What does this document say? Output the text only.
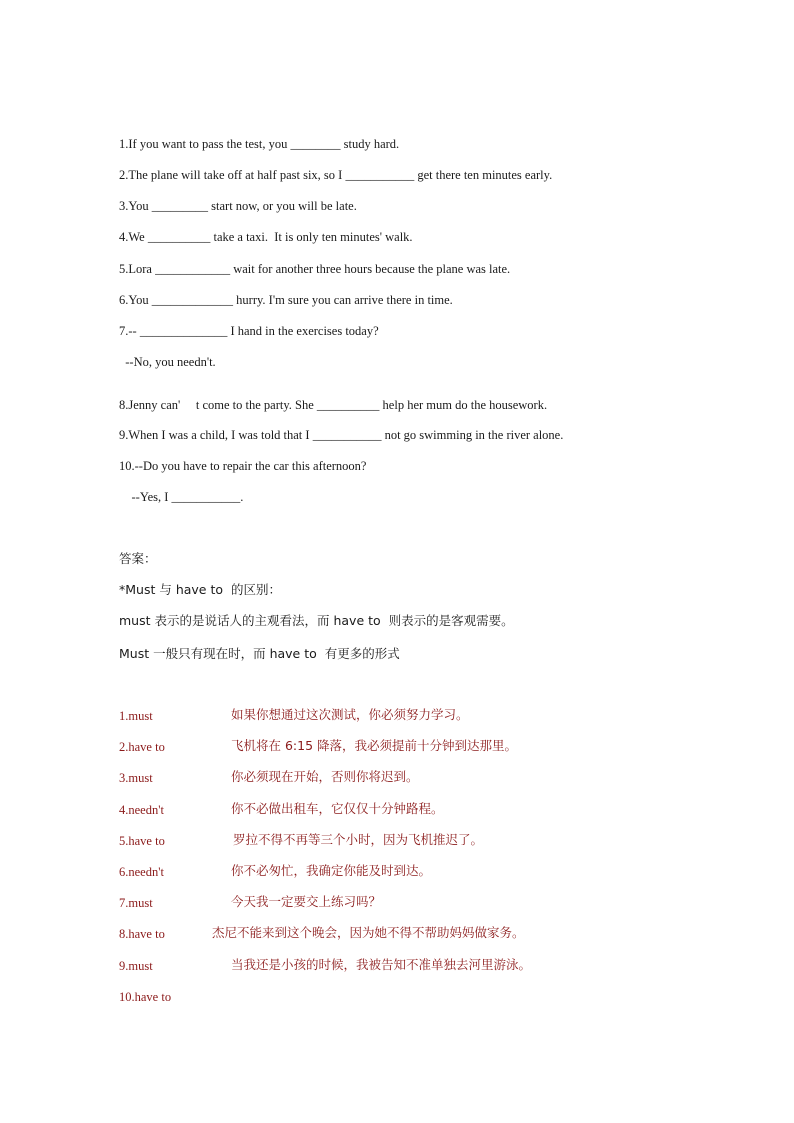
1.If you want to pass the test, you ________ study hard.
2.The plane will take off at half past six, so I ___________ get there ten minutes early.
3.You _________ start now, or you will be late.
4.We __________ take a taxi.  It is only ten minutes' walk.
5.Lora ____________ wait for another three hours because the plane was late.
6.You _____________ hurry. I'm sure you can arrive there in time.
7.-- ______________ I hand in the exercises today?
--No, you needn't.
8.Jenny can'     t come to the party. She __________ help her mum do the housework.
9.When I was a child, I was told that I ___________ not go swimming in the river alone.
10.--Do you have to repair the car this afternoon?
--Yes, I ___________.
答案：
*Must 与 have to  的区别：
must 表示的是说话人的主观看法，而 have to  则表示的是客观需要。
Must 一般只有现在时，而 have to  有更多的形式
1.must	如果你想通过这次测试，你必须努力学习。
2.have to	飞机将在 6:15 降落，我必须提前十分钟到达那里。
3.must	你必须现在开始，否则你将迟到。
4.needn't	你不必做出租车，它仅仅十分钟路程。
5.have to	罗拉不得不再等三个小时，因为飞机推迟了。
6.needn't	你不必匆忙，我确定你能及时到达。
7.must	今天我一定要交上练习吗？
8.have to	杰尼不能来到这个晚会，因为她不得不帮助妈妈做家务。
9.must	当我还是小孩的时候，我被告知不准单独去河里游泳。
10.have to
